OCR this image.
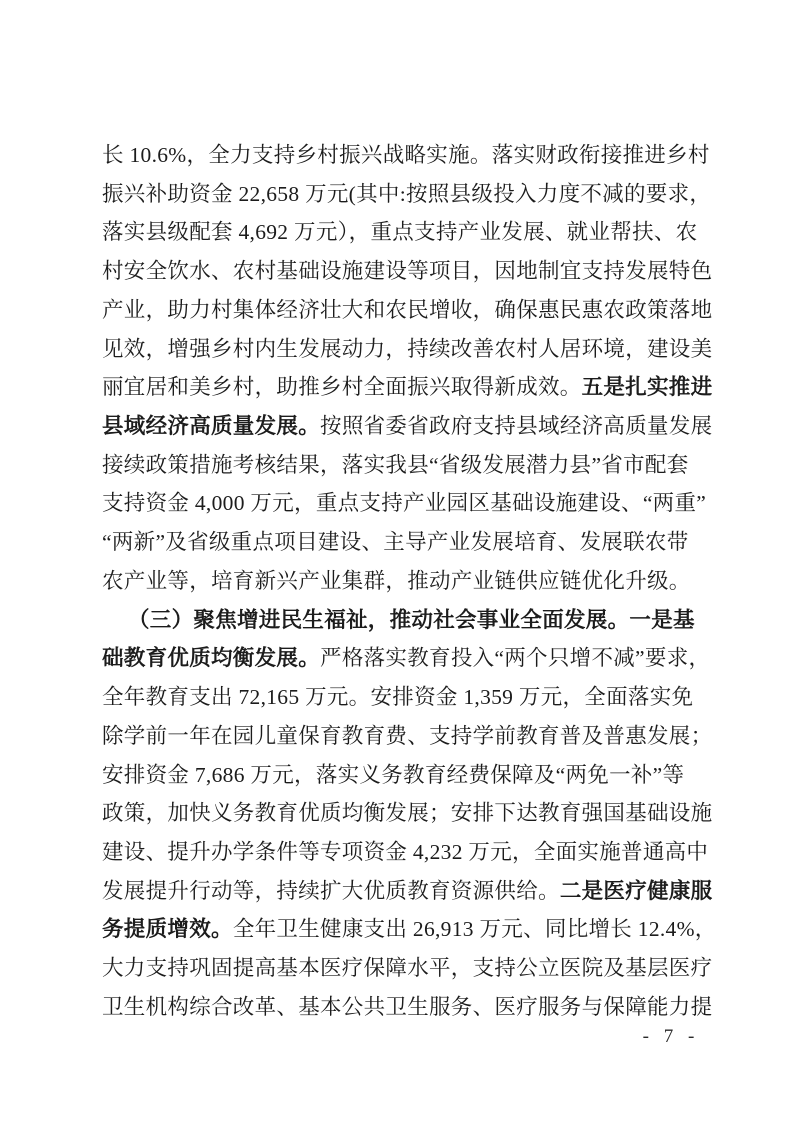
长 10.6%，全力支持乡村振兴战略实施。落实财政衔接推进乡村
振兴补助资金 22,658 万元(其中:按照县级投入力度不减的要求，
落实县级配套 4,692 万元），重点支持产业发展、就业帮扶、农
村安全饮水、农村基础设施建设等项目，因地制宜支持发展特色
产业，助力村集体经济壮大和农民增收，确保惠民惠农政策落地
见效，增强乡村内生发展动力，持续改善农村人居环境，建设美
丽宜居和美乡村，助推乡村全面振兴取得新成效。五是扎实推进
县域经济高质量发展。按照省委省政府支持县域经济高质量发展
接续政策措施考核结果，落实我县“省级发展潜力县”省市配套
支持资金 4,000 万元，重点支持产业园区基础设施建设、“两重”
“两新”及省级重点项目建设、主导产业发展培育、发展联农带
农产业等，培育新兴产业集群，推动产业链供应链优化升级。
（三）聚焦增进民生福祉，推动社会事业全面发展。一是基
础教育优质均衡发展。严格落实教育投入“两个只增不减”要求，
全年教育支出 72,165 万元。安排资金 1,359 万元，全面落实免
除学前一年在园儿童保育教育费、支持学前教育普及普惠发展；
安排资金 7,686 万元，落实义务教育经费保障及“两免一补”等
政策，加快义务教育优质均衡发展；安排下达教育强国基础设施
建设、提升办学条件等专项资金 4,232 万元，全面实施普通高中
发展提升行动等，持续扩大优质教育资源供给。二是医疗健康服
务提质增效。全年卫生健康支出 26,913 万元、同比增长 12.4%，
大力支持巩固提高基本医疗保障水平，支持公立医院及基层医疗
卫生机构综合改革、基本公共卫生服务、医疗服务与保障能力提
- 7 -
